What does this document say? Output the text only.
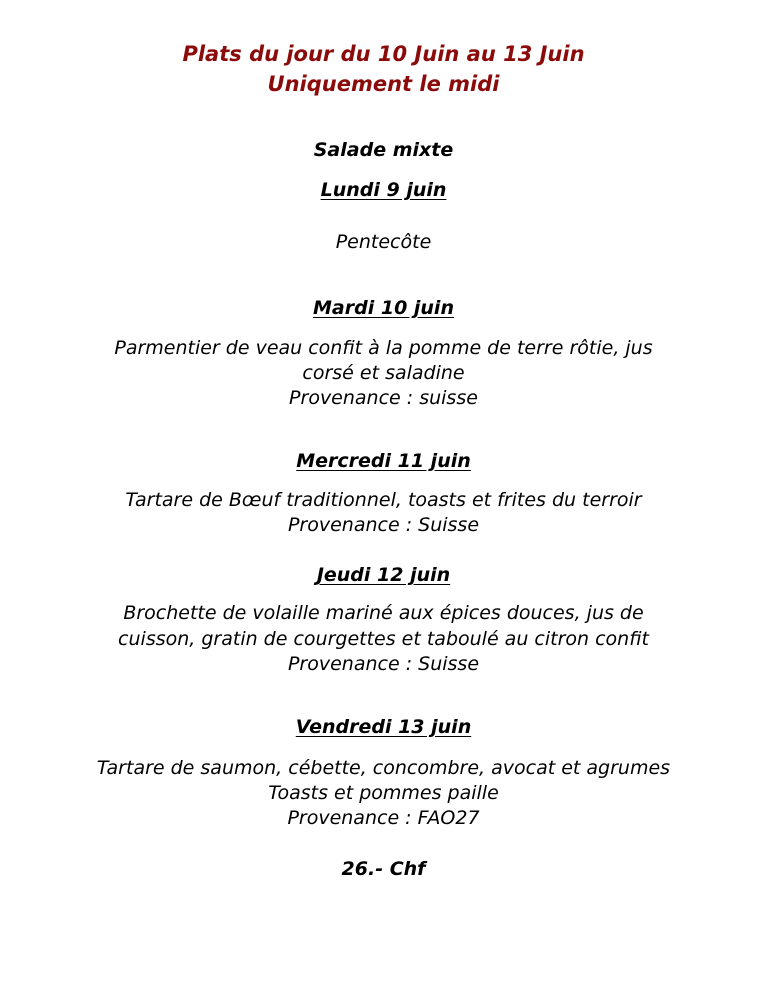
Plats du jour du 10 Juin au 13 Juin
Uniquement le midi
Salade mixte
Lundi 9 juin
Pentecôte
Mardi 10 juin
Parmentier de veau confit à la pomme de terre rôtie, jus
corsé et saladine
Provenance : suisse
Mercredi 11 juin
Tartare de Bœuf traditionnel, toasts et frites du terroir
Provenance : Suisse
Jeudi 12 juin
Brochette de volaille mariné aux épices douces, jus de
cuisson, gratin de courgettes et taboulé au citron confit
Provenance : Suisse
Vendredi 13 juin
Tartare de saumon, cébette, concombre, avocat et agrumes
Toasts et pommes paille
Provenance : FAO27
26.- Chf
